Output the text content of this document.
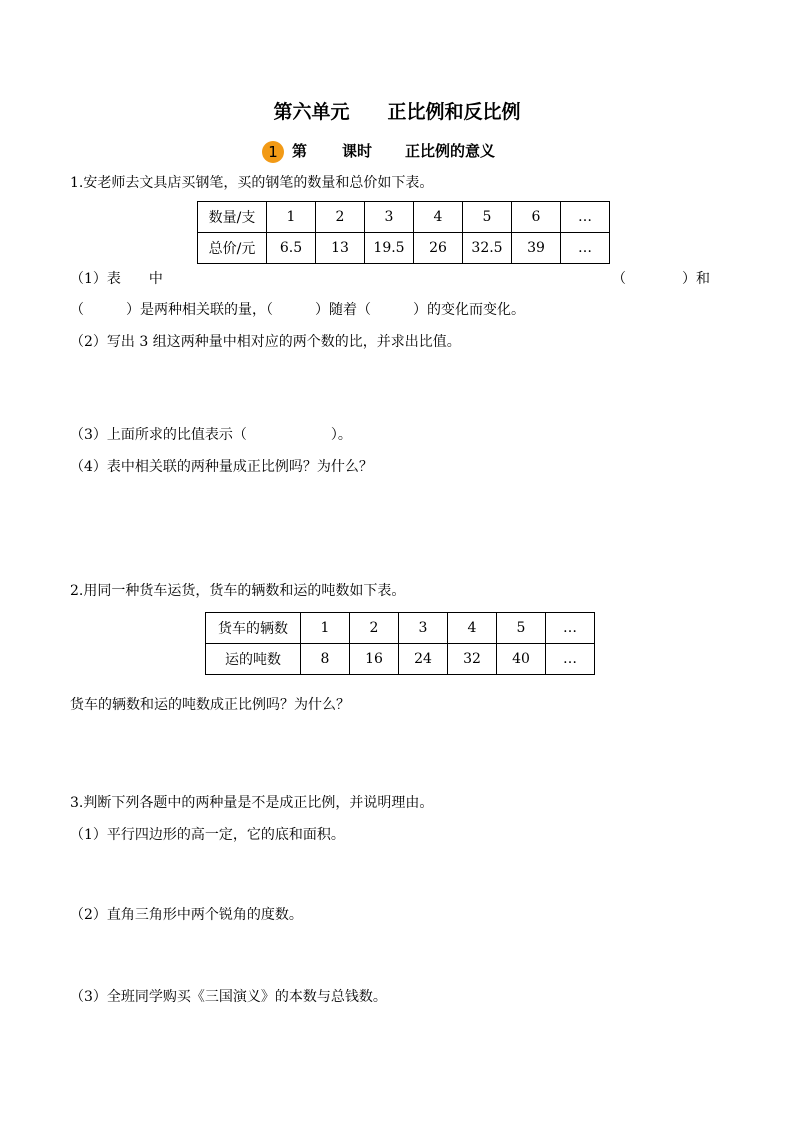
第六单元　　正比例和反比例
1 第 课时 正比例的意义
1.安老师去文具店买钢笔，买的钢笔的数量和总价如下表。
数量/支	1	2	3	4	5	6	…
总价/元	6.5	13	19.5	26	32.5	39	…
（1）表　　中	（　　　　）和
（　　　）是两种相关联的量，（　　　）随着（　　　）的变化而变化。
（2）写出 3 组这两种量中相对应的两个数的比，并求出比值。
（3）上面所求的比值表示（　　　　　　）。
（4）表中相关联的两种量成正比例吗？为什么？
2.用同一种货车运货，货车的辆数和运的吨数如下表。
货车的辆数	1	2	3	4	5	…
运的吨数	8	16	24	32	40	…
货车的辆数和运的吨数成正比例吗？为什么？
3.判断下列各题中的两种量是不是成正比例，并说明理由。
（1）平行四边形的高一定，它的底和面积。
（2）直角三角形中两个锐角的度数。
（3）全班同学购买《三国演义》的本数与总钱数。
